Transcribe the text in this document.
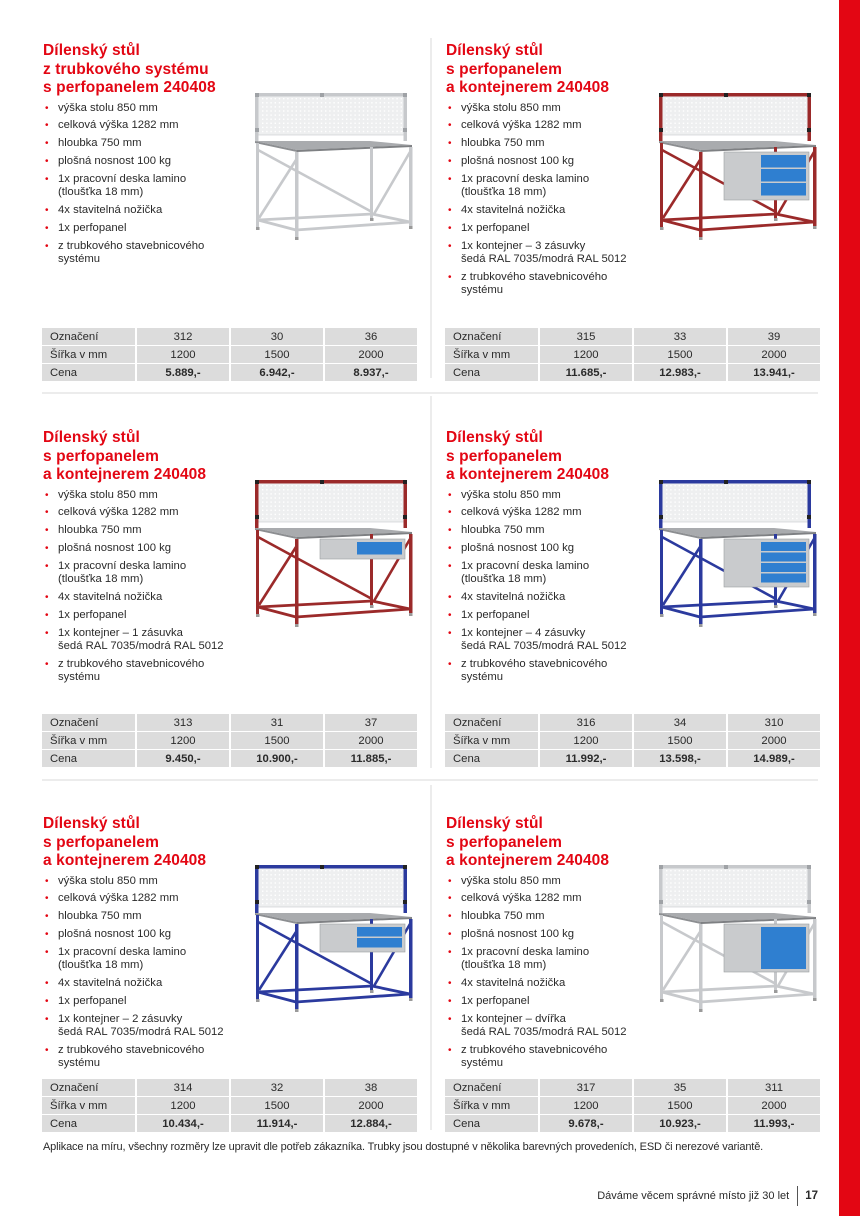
Aplikace na míru, všechny rozměry lze upravit dle potřeb zákazníka. Trubky jsou dostupné v několika barevných provedeních, ESD či nerezové variantě.

Dáváme věcem správné místo již 30 let 17
Dílenský stůl
z trubkového systému
s perfopanelem 240408
• výška stolu 850 mm
• celková výška 1282 mm
• hloubka 750 mm
• plošná nosnost 100 kg
• 1x pracovní deska lamino
(tloušťka 18 mm)
• 4x stavitelná nožička
• 1x perfopanel
• z trubkového stavebnicového
systému
Označení	312	30	36
Šířka v mm	1200	1500	2000
Cena	5.889,-	6.942,-	8.937,-
Dílenský stůl
s perfopanelem
a kontejnerem 240408
• výška stolu 850 mm
• celková výška 1282 mm
• hloubka 750 mm
• plošná nosnost 100 kg
• 1x pracovní deska lamino
(tloušťka 18 mm)
• 4x stavitelná nožička
• 1x perfopanel
• 1x kontejner – 3 zásuvky
šedá RAL 7035/modrá RAL 5012
• z trubkového stavebnicového
systému
Označení	315	33	39
Šířka v mm	1200	1500	2000
Cena	11.685,-	12.983,-	13.941,-
Dílenský stůl
s perfopanelem
a kontejnerem 240408
• výška stolu 850 mm
• celková výška 1282 mm
• hloubka 750 mm
• plošná nosnost 100 kg
• 1x pracovní deska lamino
(tloušťka 18 mm)
• 4x stavitelná nožička
• 1x perfopanel
• 1x kontejner – 1 zásuvka
šedá RAL 7035/modrá RAL 5012
• z trubkového stavebnicového
systému
Označení	313	31	37
Šířka v mm	1200	1500	2000
Cena	9.450,-	10.900,-	11.885,-
Dílenský stůl
s perfopanelem
a kontejnerem 240408
• výška stolu 850 mm
• celková výška 1282 mm
• hloubka 750 mm
• plošná nosnost 100 kg
• 1x pracovní deska lamino
(tloušťka 18 mm)
• 4x stavitelná nožička
• 1x perfopanel
• 1x kontejner – 4 zásuvky
šedá RAL 7035/modrá RAL 5012
• z trubkového stavebnicového
systému
Označení	316	34	310
Šířka v mm	1200	1500	2000
Cena	11.992,-	13.598,-	14.989,-
Dílenský stůl
s perfopanelem
a kontejnerem 240408
• výška stolu 850 mm
• celková výška 1282 mm
• hloubka 750 mm
• plošná nosnost 100 kg
• 1x pracovní deska lamino
(tloušťka 18 mm)
• 4x stavitelná nožička
• 1x perfopanel
• 1x kontejner – 2 zásuvky
šedá RAL 7035/modrá RAL 5012
• z trubkového stavebnicového
systému
Označení	314	32	38
Šířka v mm	1200	1500	2000
Cena	10.434,-	11.914,-	12.884,-
Dílenský stůl
s perfopanelem
a kontejnerem 240408
• výška stolu 850 mm
• celková výška 1282 mm
• hloubka 750 mm
• plošná nosnost 100 kg
• 1x pracovní deska lamino
(tloušťka 18 mm)
• 4x stavitelná nožička
• 1x perfopanel
• 1x kontejner – dvířka
šedá RAL 7035/modrá RAL 5012
• z trubkového stavebnicového
systému
Označení	317	35	311
Šířka v mm	1200	1500	2000
Cena	9.678,-	10.923,-	11.993,-
